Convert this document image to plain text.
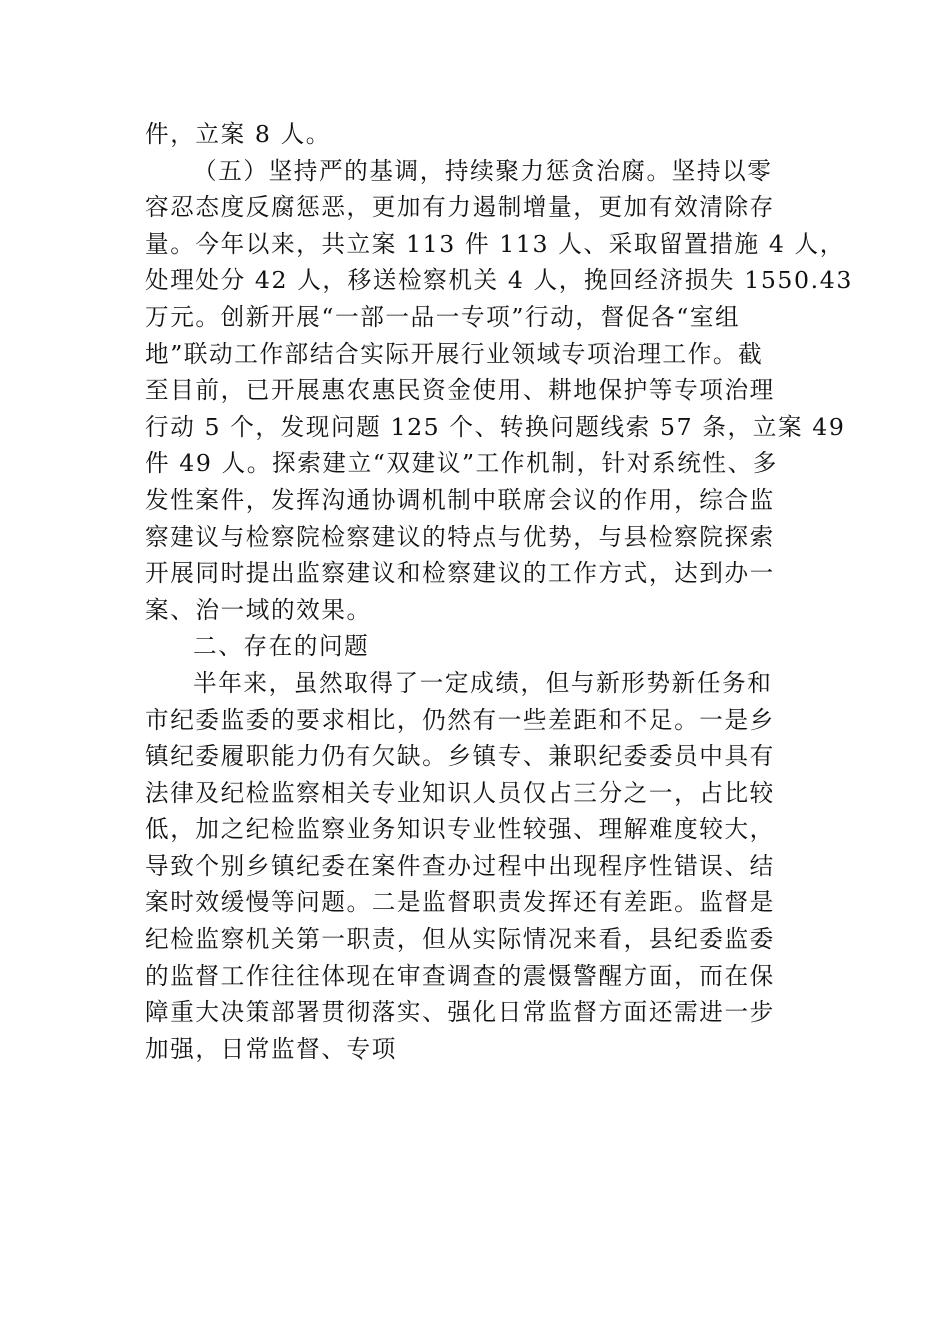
件，立案 8 人。
（五）坚持严的基调，持续聚力惩贪治腐。坚持以零
容忍态度反腐惩恶，更加有力遏制增量，更加有效清除存
量。今年以来，共立案 113 件 113 人、采取留置措施 4 人，
处理处分 42 人，移送检察机关 4 人，挽回经济损失 1550.43
万元。创新开展“一部一品一专项”行动，督促各“室组
地”联动工作部结合实际开展行业领域专项治理工作。截
至目前，已开展惠农惠民资金使用、耕地保护等专项治理
行动 5 个，发现问题 125 个、转换问题线索 57 条，立案 49
件 49 人。探索建立“双建议”工作机制，针对系统性、多
发性案件，发挥沟通协调机制中联席会议的作用，综合监
察建议与检察院检察建议的特点与优势，与县检察院探索
开展同时提出监察建议和检察建议的工作方式，达到办一
案、治一域的效果。
二、存在的问题
半年来，虽然取得了一定成绩，但与新形势新任务和
市纪委监委的要求相比，仍然有一些差距和不足。一是乡
镇纪委履职能力仍有欠缺。乡镇专、兼职纪委委员中具有
法律及纪检监察相关专业知识人员仅占三分之一，占比较
低，加之纪检监察业务知识专业性较强、理解难度较大，
导致个别乡镇纪委在案件查办过程中出现程序性错误、结
案时效缓慢等问题。二是监督职责发挥还有差距。监督是
纪检监察机关第一职责，但从实际情况来看，县纪委监委
的监督工作往往体现在审查调查的震慑警醒方面，而在保
障重大决策部署贯彻落实、强化日常监督方面还需进一步
加强，日常监督、专项
